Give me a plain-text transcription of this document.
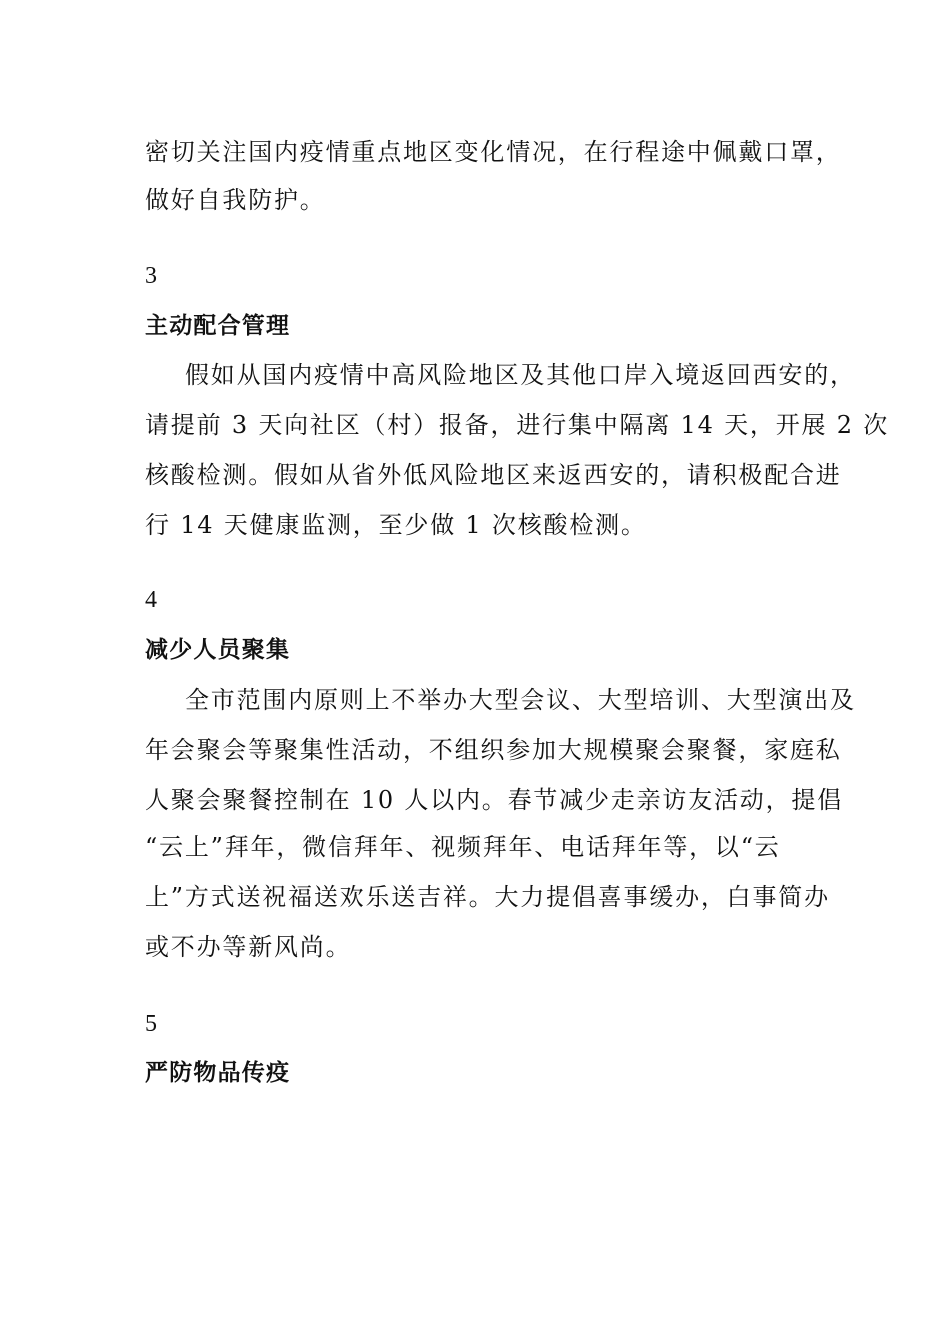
密切关注国内疫情重点地区变化情况，在行程途中佩戴口罩，
做好自我防护。
3
主动配合管理
假如从国内疫情中高风险地区及其他口岸入境返回西安的，
请提前 3 天向社区（村）报备，进行集中隔离 14 天，开展 2 次
核酸检测。假如从省外低风险地区来返西安的，请积极配合进
行 14 天健康监测，至少做 1 次核酸检测。
4
减少人员聚集
全市范围内原则上不举办大型会议、大型培训、大型演出及
年会聚会等聚集性活动，不组织参加大规模聚会聚餐，家庭私
人聚会聚餐控制在 10 人以内。春节减少走亲访友活动，提倡
“云上”拜年，微信拜年、视频拜年、电话拜年等，以“云
上”方式送祝福送欢乐送吉祥。大力提倡喜事缓办，白事简办
或不办等新风尚。
5
严防物品传疫
